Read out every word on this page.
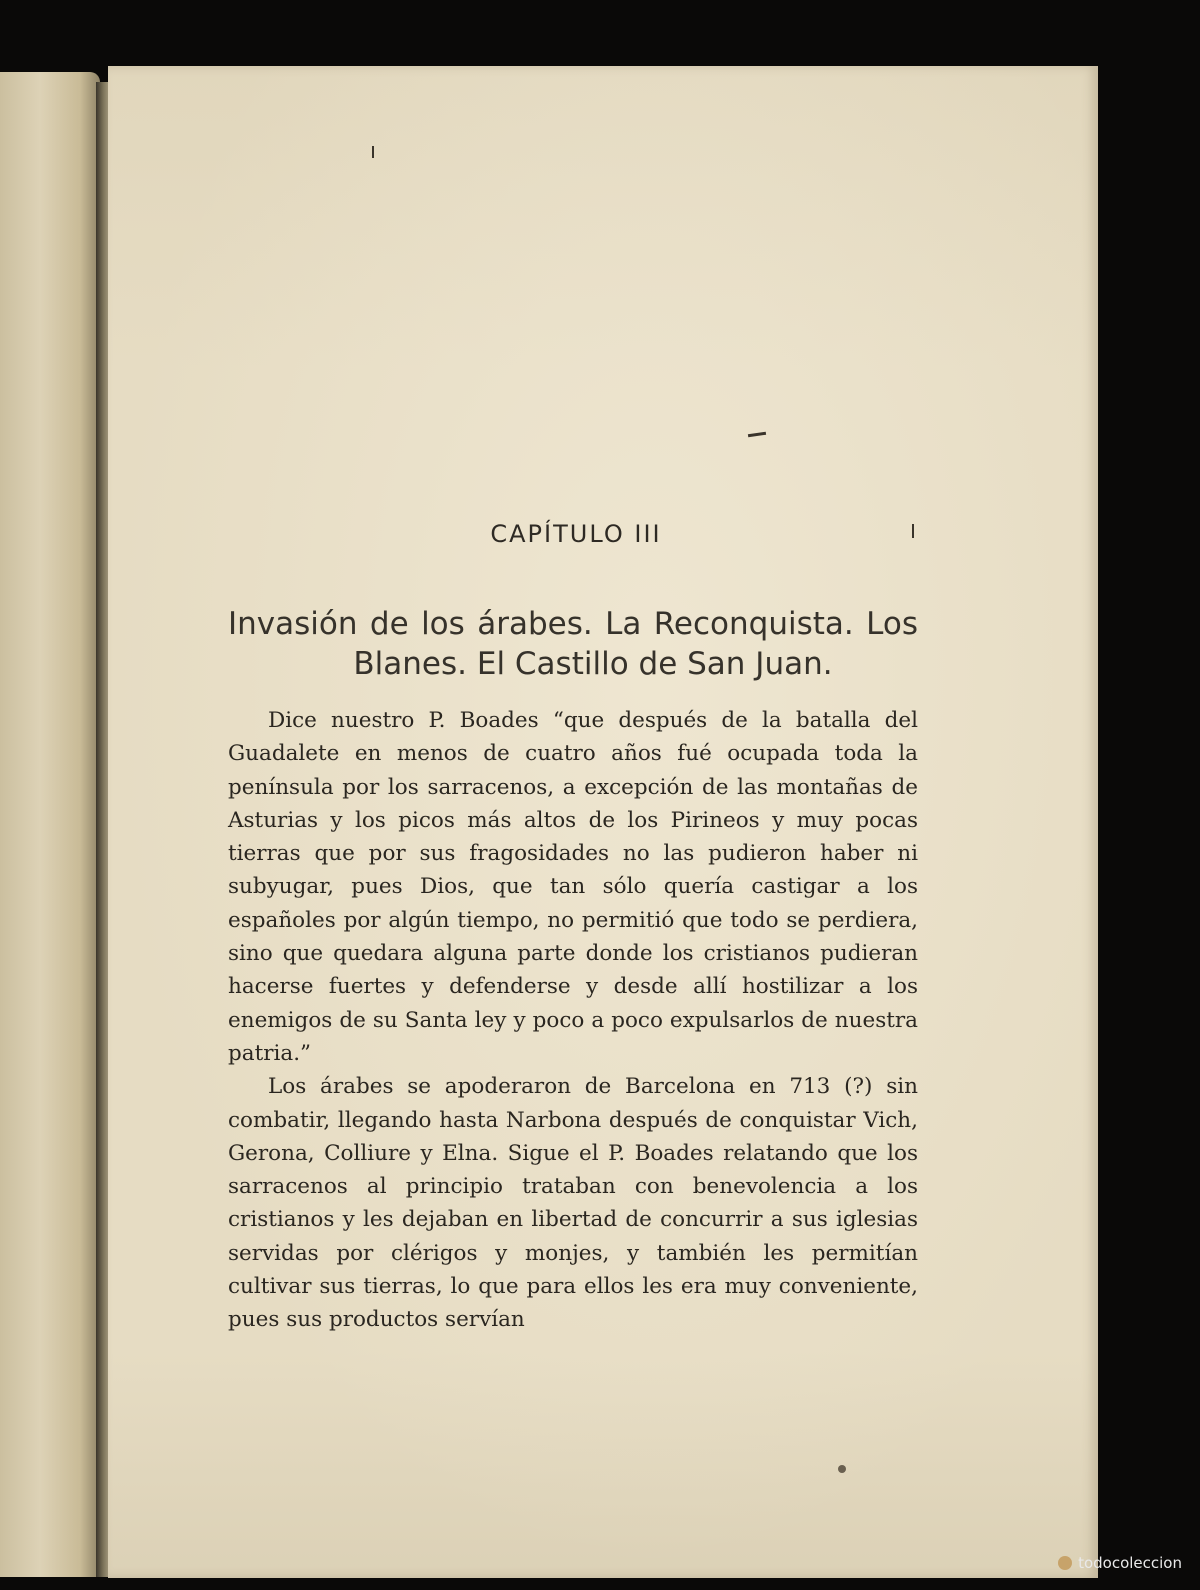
CAPÍTULO III
Invasión de los árabes. La Reconquista. Los
Blanes. El Castillo de San Juan.

Dice nuestro P. Boades “que después de la batalla del Guadalete en menos de cuatro años fué ocupada toda la península por los sarracenos, a excepción de las montañas de Asturias y los picos más altos de los Pirineos y muy pocas tierras que por sus fragosidades no las pudieron haber ni subyugar, pues Dios, que tan sólo quería castigar a los españoles por algún tiempo, no permitió que todo se perdiera, sino que quedara alguna parte donde los cristianos pudieran hacerse fuertes y defenderse y desde allí hostilizar a los enemigos de su Santa ley y poco a poco expulsarlos de nuestra patria.”

Los árabes se apoderaron de Barcelona en 713 (?) sin combatir, llegando hasta Narbona después de conquistar Vich, Gerona, Colliure y Elna. Sigue el P. Boades relatando que los sarracenos al principio trataban con benevolencia a los cristianos y les dejaban en libertad de concurrir a sus iglesias servidas por clérigos y monjes, y también les permitían cultivar sus tierras, lo que para ellos les era muy conveniente, pues sus productos servían

todocoleccion
